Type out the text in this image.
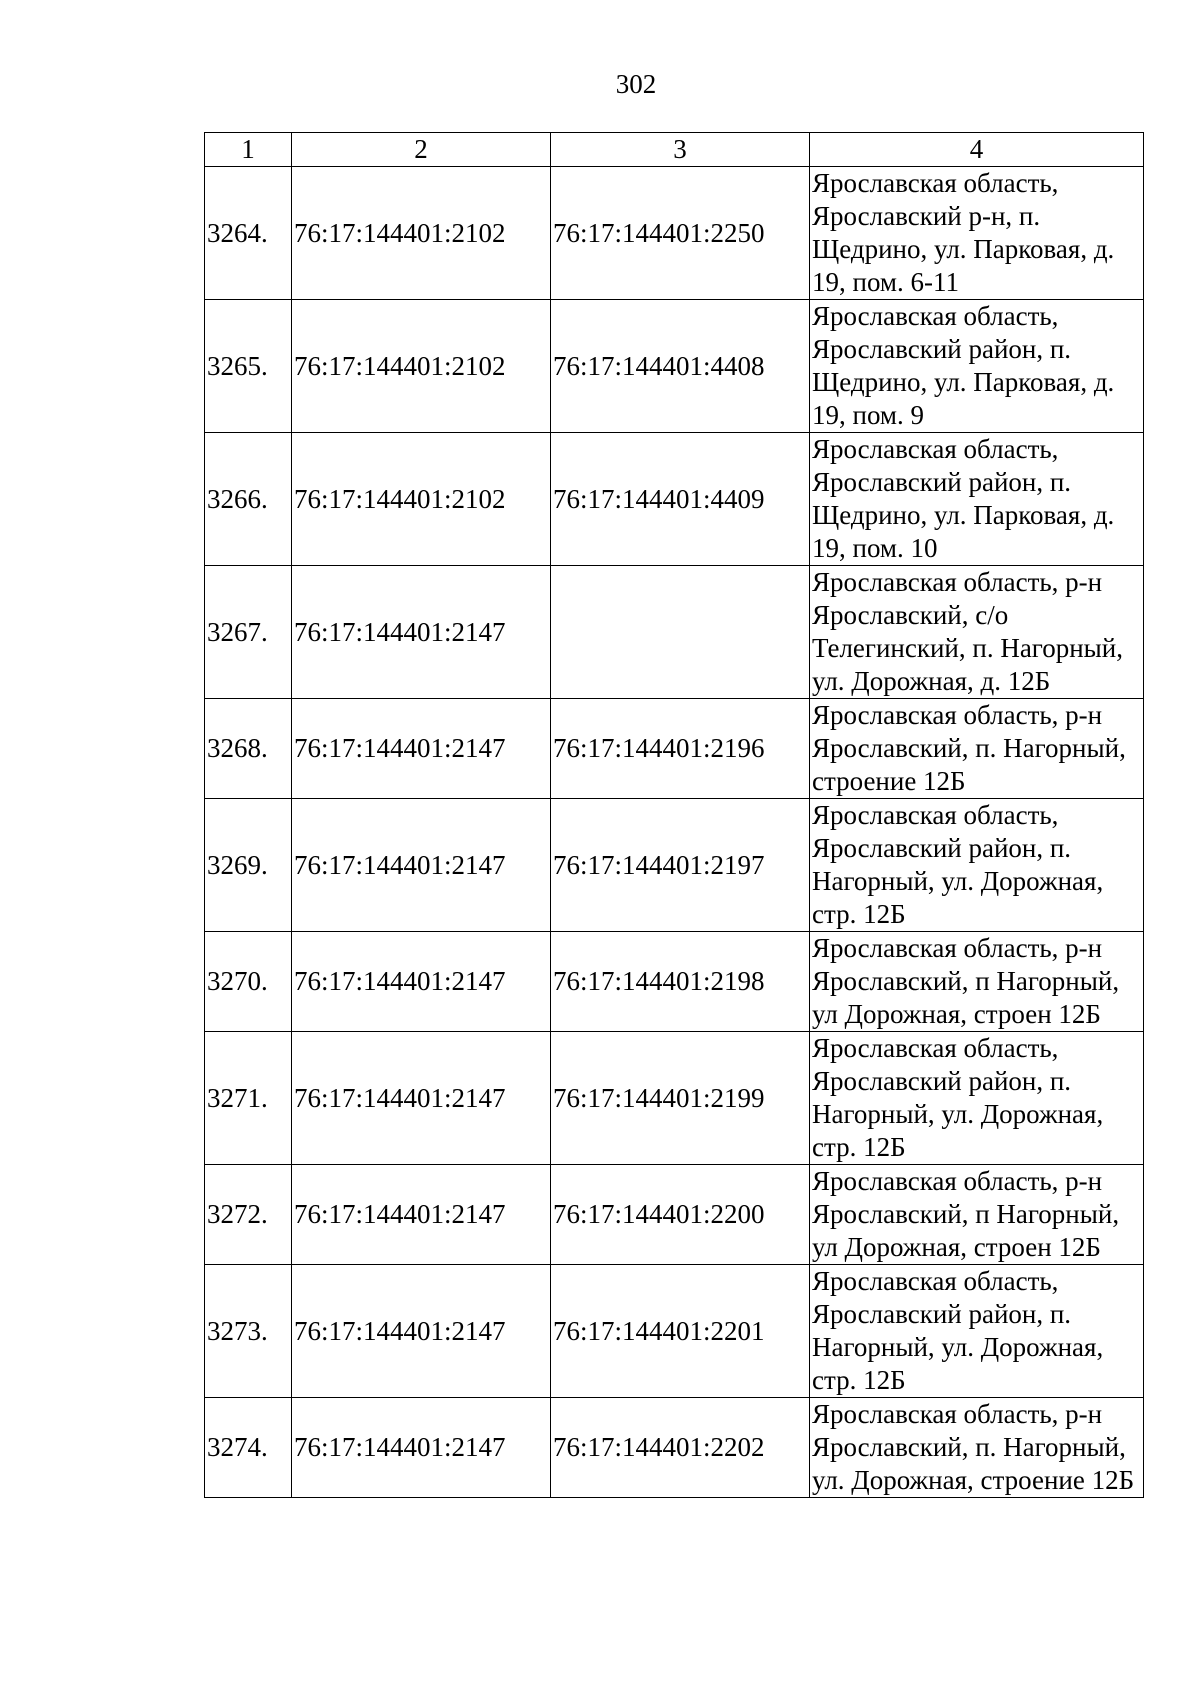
302
1	2	3	4
3264.	76:17:144401:2102	76:17:144401:2250	Ярославская область, Ярославский р-н, п. Щедрино, ул. Парковая, д. 19, пом. 6-11
3265.	76:17:144401:2102	76:17:144401:4408	Ярославская область, Ярославский район, п. Щедрино, ул. Парковая, д. 19, пом. 9
3266.	76:17:144401:2102	76:17:144401:4409	Ярославская область, Ярославский район, п. Щедрино, ул. Парковая, д. 19, пом. 10
3267.	76:17:144401:2147		Ярославская область, р-н Ярославский, с/о Телегинский, п. Нагорный, ул. Дорожная, д. 12Б
3268.	76:17:144401:2147	76:17:144401:2196	Ярославская область, р-н Ярославский, п. Нагорный, строение 12Б
3269.	76:17:144401:2147	76:17:144401:2197	Ярославская область, Ярославский район, п. Нагорный, ул. Дорожная, стр. 12Б
3270.	76:17:144401:2147	76:17:144401:2198	Ярославская область, р-н Ярославский, п Нагорный, ул Дорожная, строен 12Б
3271.	76:17:144401:2147	76:17:144401:2199	Ярославская область, Ярославский район, п. Нагорный, ул. Дорожная, стр. 12Б
3272.	76:17:144401:2147	76:17:144401:2200	Ярославская область, р-н Ярославский, п Нагорный, ул Дорожная, строен 12Б
3273.	76:17:144401:2147	76:17:144401:2201	Ярославская область, Ярославский район, п. Нагорный, ул. Дорожная, стр. 12Б
3274.	76:17:144401:2147	76:17:144401:2202	Ярославская область, р-н Ярославский, п. Нагорный, ул. Дорожная, строение 12Б
